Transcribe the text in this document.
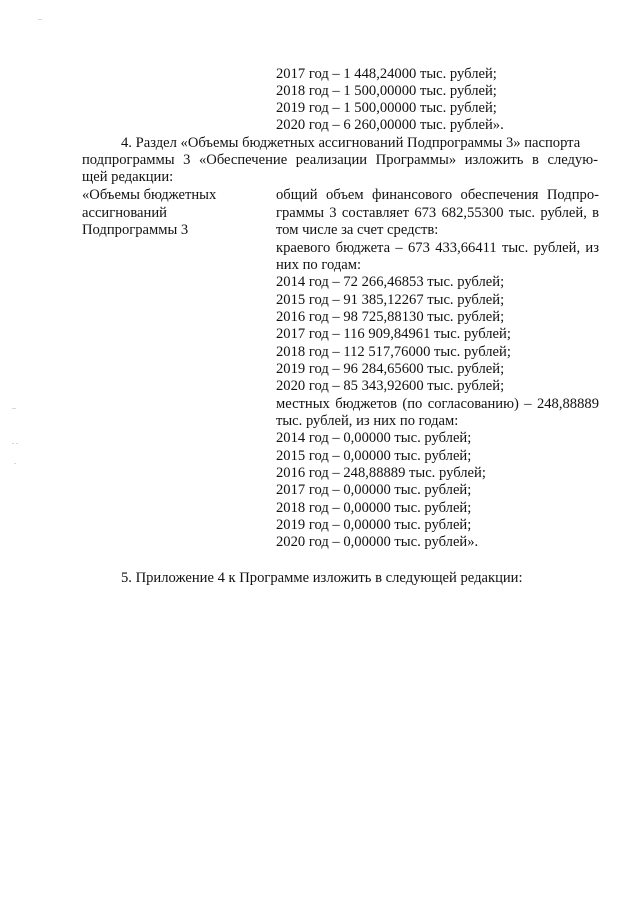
..
2017 год – 1 448,24000 тыс. рублей;
2018 год – 1 500,00000 тыс. рублей;
2019 год – 1 500,00000 тыс. рублей;
2020 год – 6 260,00000 тыс. рублей».
4. Раздел «Объемы бюджетных ассигнований Подпрограммы 3» паспорта
подпрограммы 3 «Обеспечение реализации Программы» изложить в следую-
щей редакции:
«Объемы бюджетных
ассигнований
Подпрограммы 3
общий объем финансового обеспечения Подпро-
граммы 3 составляет 673 682,55300 тыс. рублей, в
том числе за счет средств:
краевого бюджета – 673 433,66411 тыс. рублей, из
них по годам:
2014 год – 72 266,46853 тыс. рублей;
2015 год – 91 385,12267 тыс. рублей;
2016 год – 98 725,88130 тыс. рублей;
2017 год – 116 909,84961 тыс. рублей;
2018 год – 112 517,76000 тыс. рублей;
2019 год – 96 284,65600 тыс. рублей;
2020 год – 85 343,92600 тыс. рублей;
местных бюджетов (по согласованию) – 248,88889
тыс. рублей, из них по годам:
2014 год – 0,00000 тыс. рублей;
2015 год – 0,00000 тыс. рублей;
2016 год – 248,88889 тыс. рублей;
2017 год – 0,00000 тыс. рублей;
2018 год – 0,00000 тыс. рублей;
2019 год – 0,00000 тыс. рублей;
2020 год – 0,00000 тыс. рублей».
5. Приложение 4 к Программе изложить в следующей редакции:
..
. .
.
